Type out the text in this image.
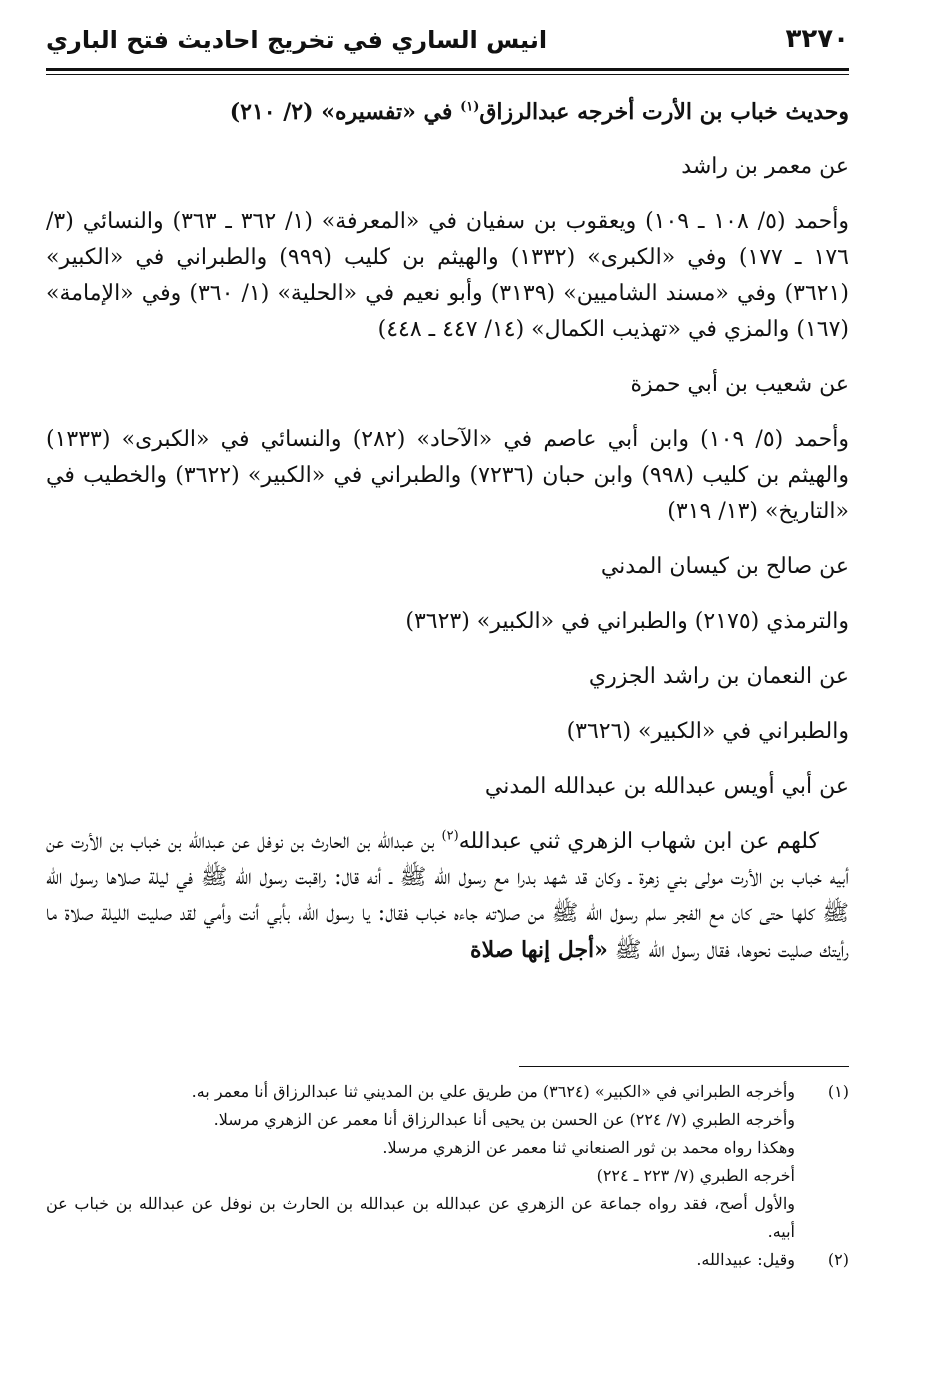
٣٢٧٠
انيس الساري في تخريج احاديث فتح الباري

وحديث خباب بن الأرت أخرجه عبدالرزاق$^{(١)}$ في «تفسيره» (٢/ ٢١٠)

عن معمر بن راشد

وأحمد (٥/ ١٠٨ ـ ١٠٩) ويعقوب بن سفيان في «المعرفة» (١/ ٣٦٢ ـ ٣٦٣) والنسائي (٣/ ١٧٦ ـ ١٧٧) وفي «الكبرى» (١٣٣٢) والهيثم بن كليب (٩٩٩) والطبراني في «الكبير» (٣٦٢١) وفي «مسند الشاميين» (٣١٣٩) وأبو نعيم في «الحلية» (١/ ٣٦٠) وفي «الإمامة» (١٦٧) والمزي في «تهذيب الكمال» (١٤/ ٤٤٧ ـ ٤٤٨)

عن شعيب بن أبي حمزة

وأحمد (٥/ ١٠٩) وابن أبي عاصم في «الآحاد» (٢٨٢) والنسائي في «الكبرى» (١٣٣٣) والهيثم بن كليب (٩٩٨) وابن حبان (٧٢٣٦) والطبراني في «الكبير» (٣٦٢٢) والخطيب في «التاريخ» (١٣/ ٣١٩)

عن صالح بن كيسان المدني

والترمذي (٢١٧٥) والطبراني في «الكبير» (٣٦٢٣)

عن النعمان بن راشد الجزري

والطبراني في «الكبير» (٣٦٢٦)

عن أبي أويس عبدالله بن عبدالله المدني

كلهم عن ابن شهاب الزهري ثني عبدالله$^{(٢)}$ بن عبدالله بن الحارث بن نوفل عن عبدالله بن خباب بن الأرت عن أبيه خباب بن الأرت مولى بني زهرة ـ وكان قد شهد بدرا مع رسول الله ﷺ ـ أنه قال: راقبت رسول الله ﷺ في ليلة صلاها رسول الله ﷺ كلها حتى كان مع الفجر سلم رسول الله ﷺ من صلاته جاءه خباب فقال: يا رسول الله، بأبي أنت وأمي لقد صليت الليلة صلاة ما رأيتك صليت نحوها، فقال رسول الله ﷺ «أجل إنها صلاة

(١)
وأخرجه الطبراني في «الكبير» (٣٦٢٤) من طريق علي بن المديني ثنا عبدالرزاق أنا معمر به.
وأخرجه الطبري (٧/ ٢٢٤) عن الحسن بن يحيى أنا عبدالرزاق أنا معمر عن الزهري مرسلا.
وهكذا رواه محمد بن ثور الصنعاني ثنا معمر عن الزهري مرسلا.
أخرجه الطبري (٧/ ٢٢٣ ـ ٢٢٤)
والأول أصح، فقد رواه جماعة عن الزهري عن عبدالله بن عبدالله بن الحارث بن نوفل عن عبدالله بن خباب عن أبيه.
(٢)
وقيل: عبيدالله.
